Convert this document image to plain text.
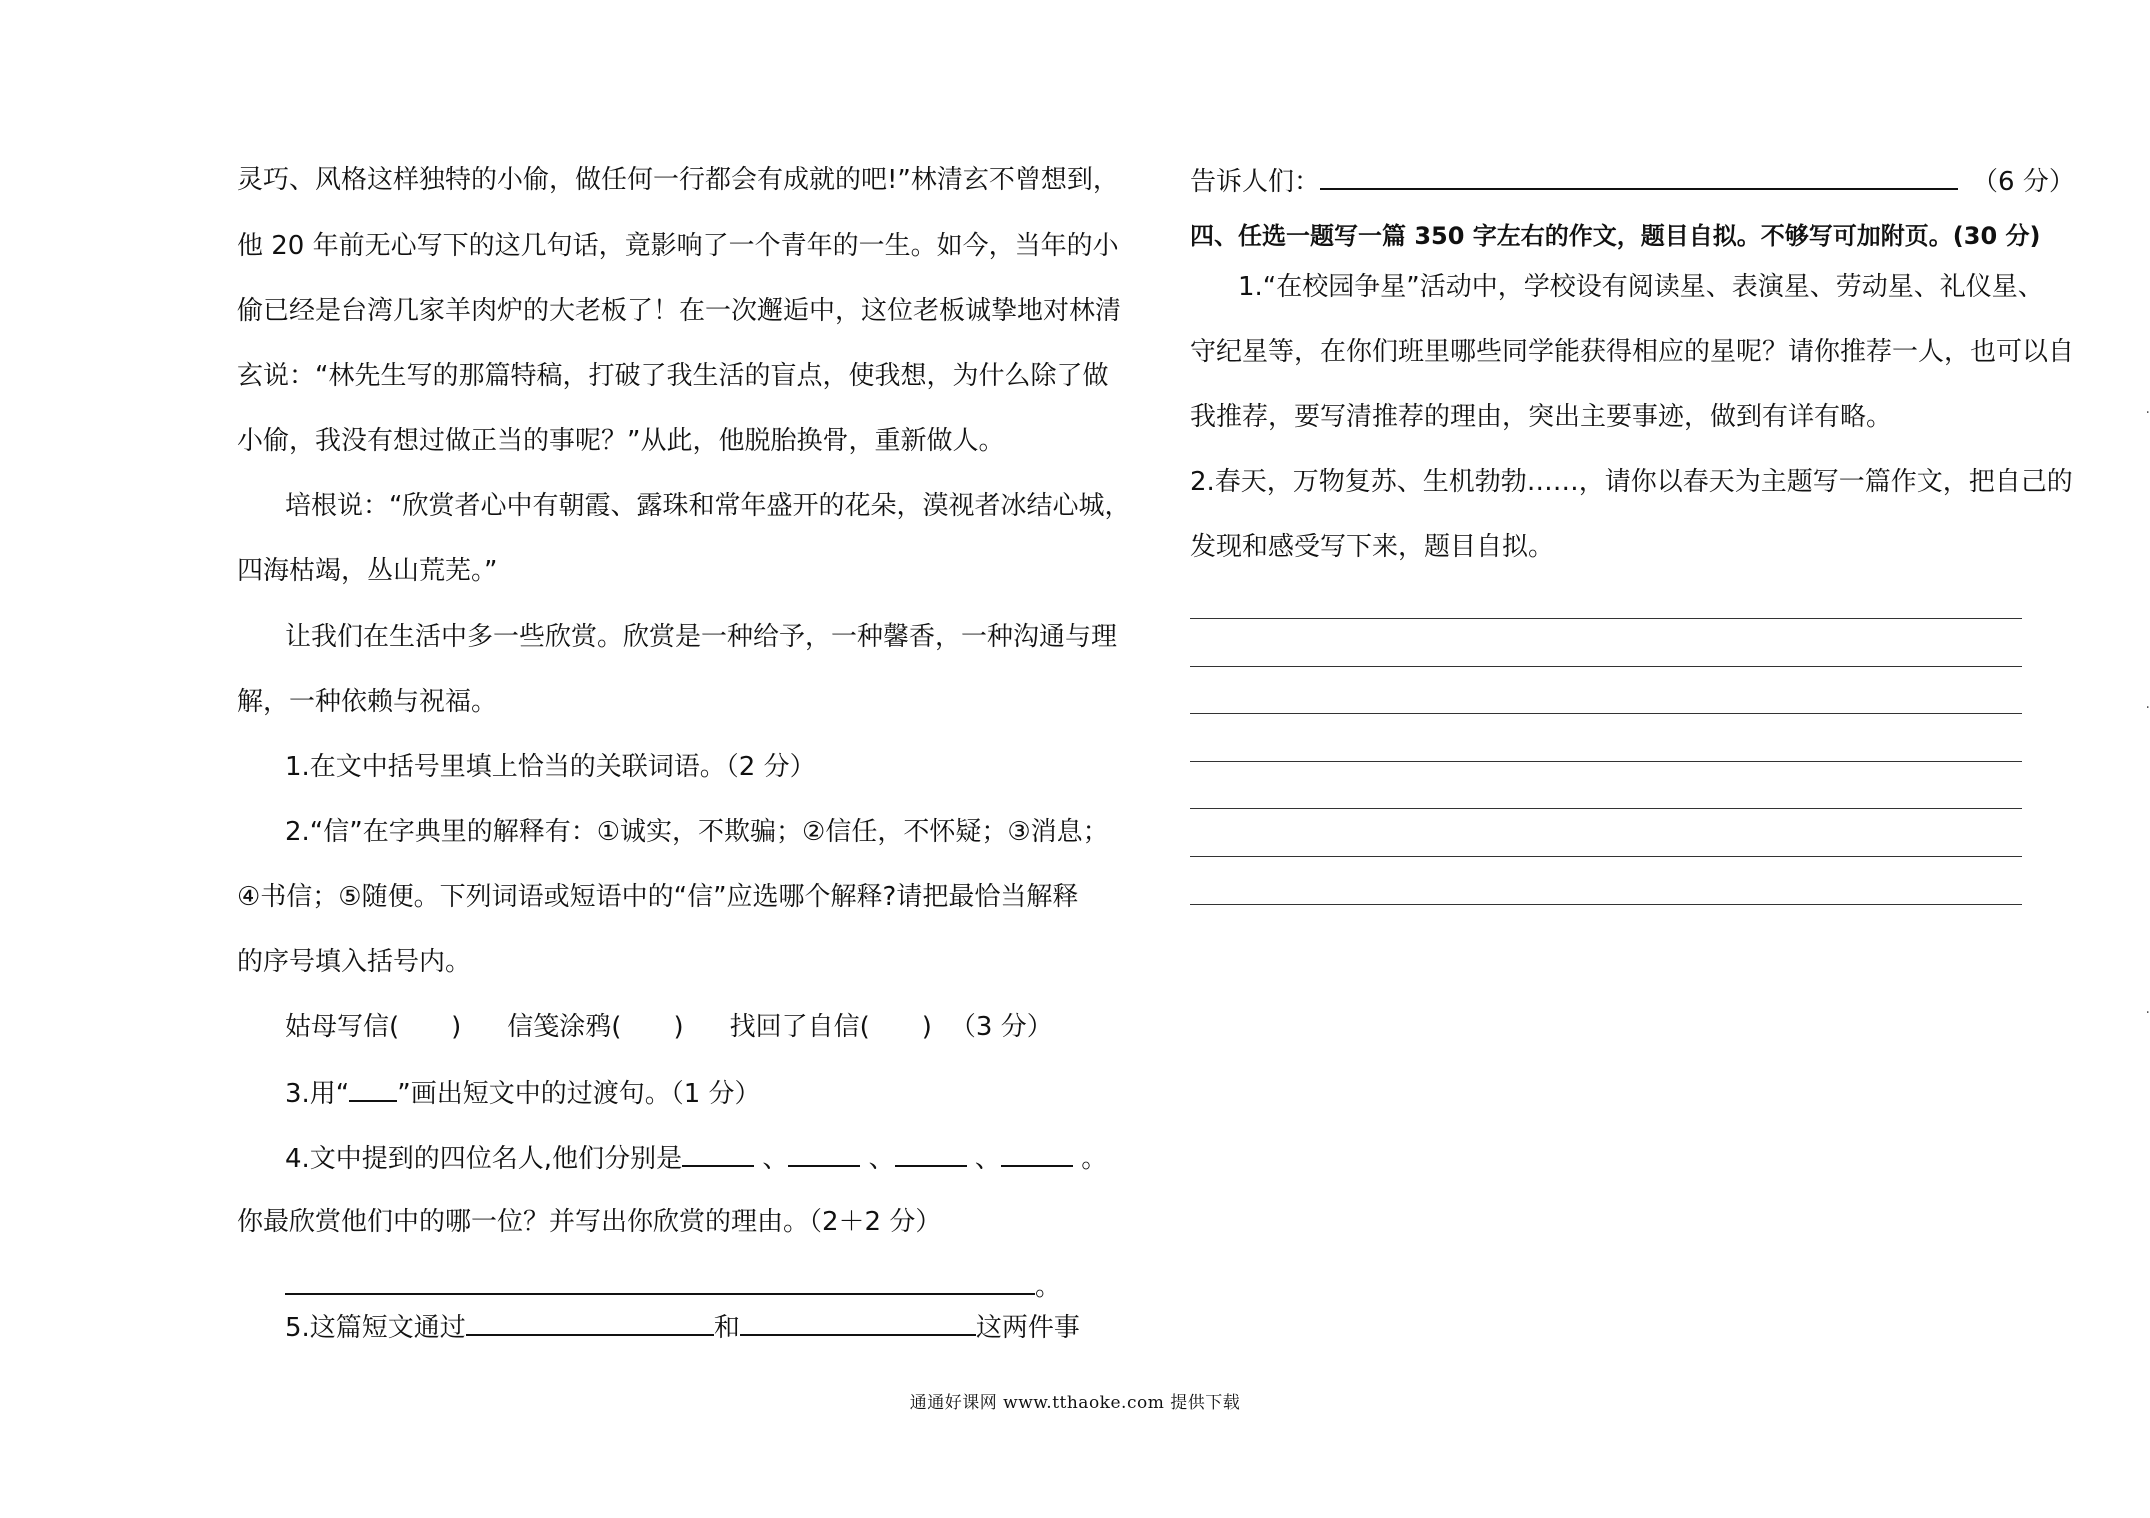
灵巧、风格这样独特的小偷，做任何一行都会有成就的吧!”林清玄不曾想到，
他 20 年前无心写下的这几句话，竟影响了一个青年的一生。如今，当年的小
偷已经是台湾几家羊肉炉的大老板了！在一次邂逅中，这位老板诚挚地对林清
玄说：“林先生写的那篇特稿，打破了我生活的盲点，使我想，为什么除了做
小偷，我没有想过做正当的事呢？”从此，他脱胎换骨，重新做人。
培根说：“欣赏者心中有朝霞、露珠和常年盛开的花朵，漠视者冰结心城，
四海枯竭，丛山荒芜。”
让我们在生活中多一些欣赏。欣赏是一种给予，一种馨香，一种沟通与理
解，一种依赖与祝福。
1.在文中括号里填上恰当的关联词语。（2 分）
2.“信”在字典里的解释有：①诚实，不欺骗；②信任，不怀疑；③消息；
④书信；⑤随便。下列词语或短语中的“信”应选哪个解释?请把最恰当解释
的序号填入括号内。
姑母写信(　　) 信笺涂鸦(　　) 找回了自信(　　) （3 分）
3.用“ ”画出短文中的过渡句。（1 分）
4.文中提到的四位名人,他们分别是	、	、	、	。
你最欣赏他们中的哪一位？并写出你欣赏的理由。（2＋2 分）
。
5.这篇短文通过	和	这两件事
告诉人们：	（6 分）
四、任选一题写一篇 350 字左右的作文，题目自拟。不够写可加附页。(30 分)
1.“在校园争星”活动中，学校设有阅读星、表演星、劳动星、礼仪星、
守纪星等，在你们班里哪些同学能获得相应的星呢？请你推荐一人，也可以自
我推荐，要写清推荐的理由，突出主要事迹，做到有详有略。
2.春天，万物复苏、生机勃勃……，请你以春天为主题写一篇作文，把自己的
发现和感受写下来，题目自拟。
·
·
·
通通好课网 www.tthaoke.com 提供下载
